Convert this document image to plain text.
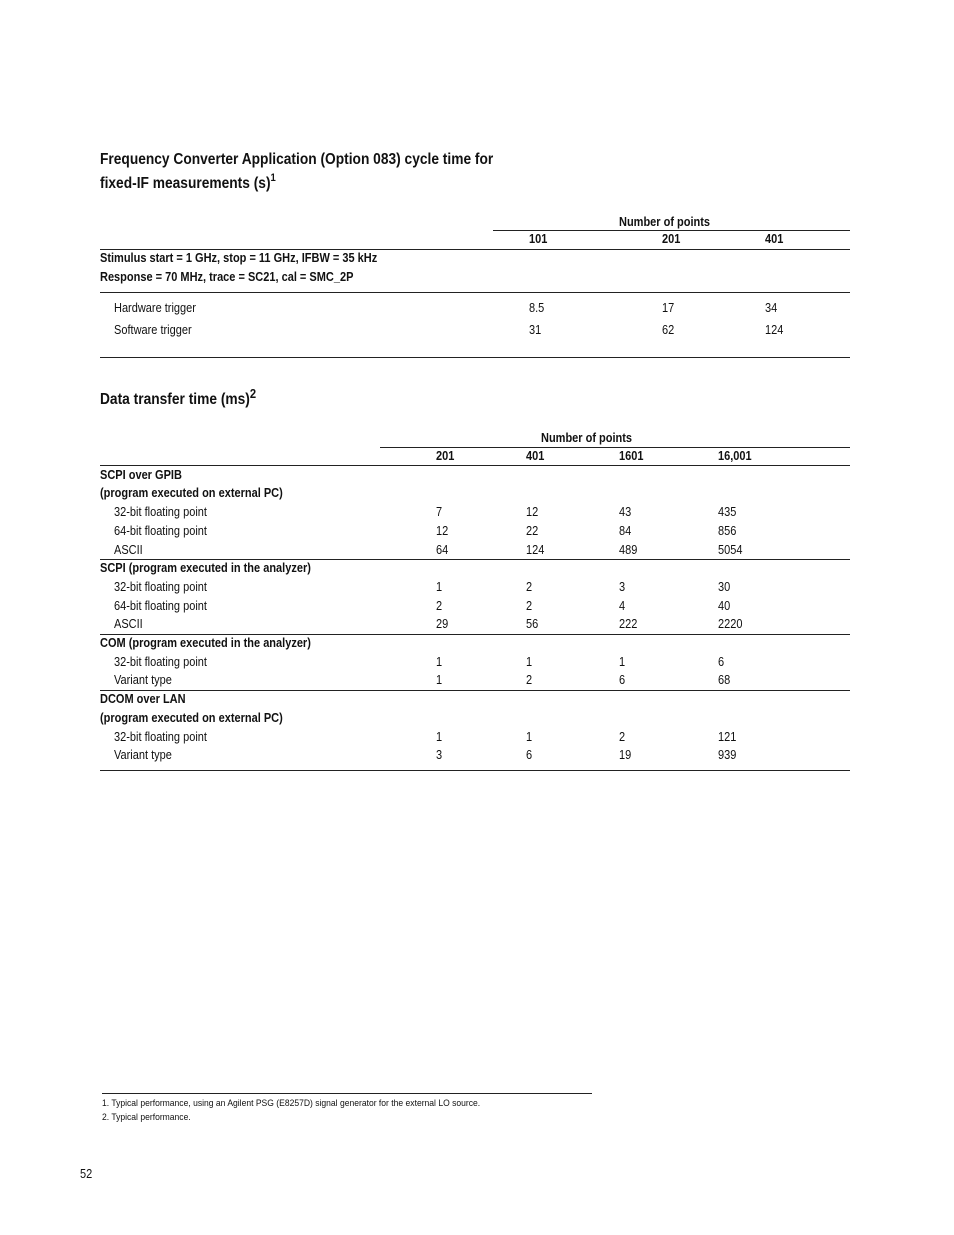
Frequency Converter Application (Option 083) cycle time for
fixed-IF measurements $(s)^1$
Number of points
101	201	401
Stimulus start = 1 GHz, stop = 11 GHz, IFBW = 35 kHz
Response = 70 MHz, trace = SC21, cal = SMC_2P
Hardware trigger	8.5	17	34
Software trigger	31	62	124
Data transfer time (ms)$^2$
Number of points
201	401	1601	16,001
SCPI over GPIB
(program executed on external PC)
32-bit floating point	7	12	43	435
64-bit floating point	12	22	84	856
ASCII	64	124	489	5054
SCPI (program executed in the analyzer)
32-bit floating point	1	2	3	30
64-bit floating point	2	2	4	40
ASCII	29	56	222	2220
COM (program executed in the analyzer)
32-bit floating point	1	1	1	6
Variant type	1	2	6	68
DCOM over LAN
(program executed on external PC)
32-bit floating point	1	1	2	121
Variant type	3	6	19	939
1. Typical performance, using an Agilent PSG (E8257D) signal generator for the external LO source.
2. Typical performance.
52
